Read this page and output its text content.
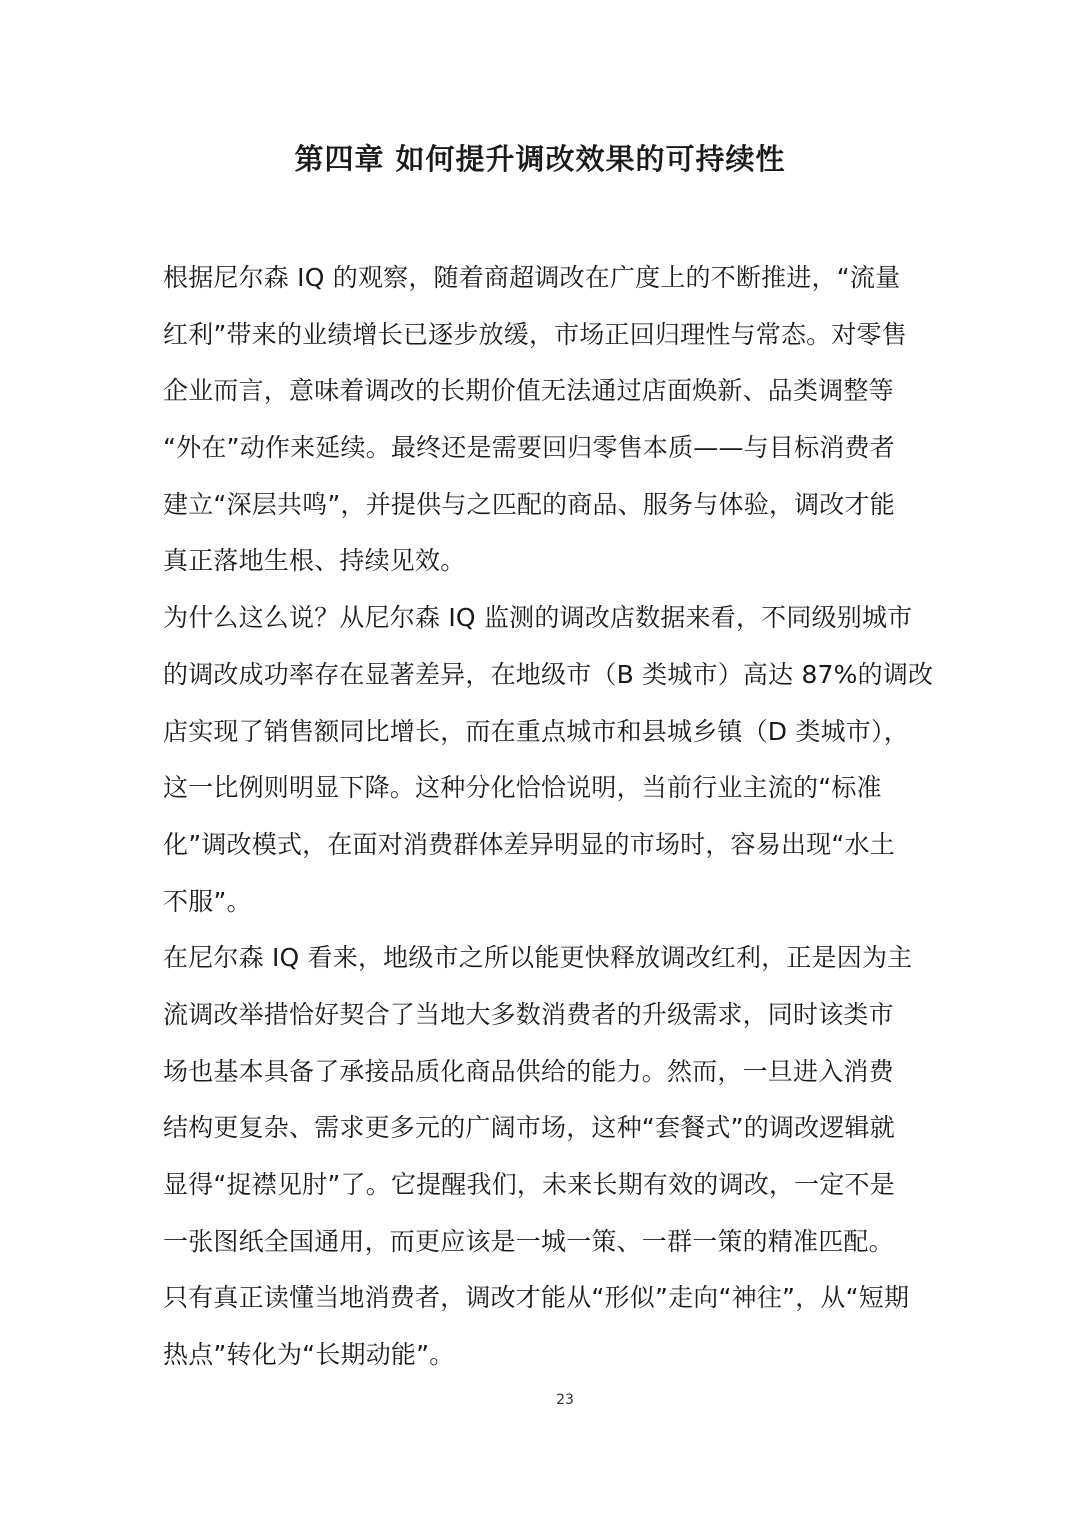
第四章 如何提升调改效果的可持续性
根据尼尔森 IQ 的观察，随着商超调改在广度上的不断推进，“流量
红利”带来的业绩增长已逐步放缓，市场正回归理性与常态。对零售
企业而言，意味着调改的长期价值无法通过店面焕新、品类调整等
“外在”动作来延续。最终还是需要回归零售本质——与目标消费者
建立“深层共鸣”，并提供与之匹配的商品、服务与体验，调改才能
真正落地生根、持续见效。
为什么这么说？从尼尔森 IQ 监测的调改店数据来看，不同级别城市
的调改成功率存在显著差异，在地级市（B 类城市）高达 87%的调改
店实现了销售额同比增长，而在重点城市和县城乡镇（D 类城市），
这一比例则明显下降。这种分化恰恰说明，当前行业主流的“标准
化”调改模式，在面对消费群体差异明显的市场时，容易出现“水土
不服”。
在尼尔森 IQ 看来，地级市之所以能更快释放调改红利，正是因为主
流调改举措恰好契合了当地大多数消费者的升级需求，同时该类市
场也基本具备了承接品质化商品供给的能力。然而，一旦进入消费
结构更复杂、需求更多元的广阔市场，这种“套餐式”的调改逻辑就
显得“捉襟见肘”了。它提醒我们，未来长期有效的调改，一定不是
一张图纸全国通用，而更应该是一城一策、一群一策的精准匹配。
只有真正读懂当地消费者，调改才能从“形似”走向“神往”，从“短期
热点”转化为“长期动能”。
23
